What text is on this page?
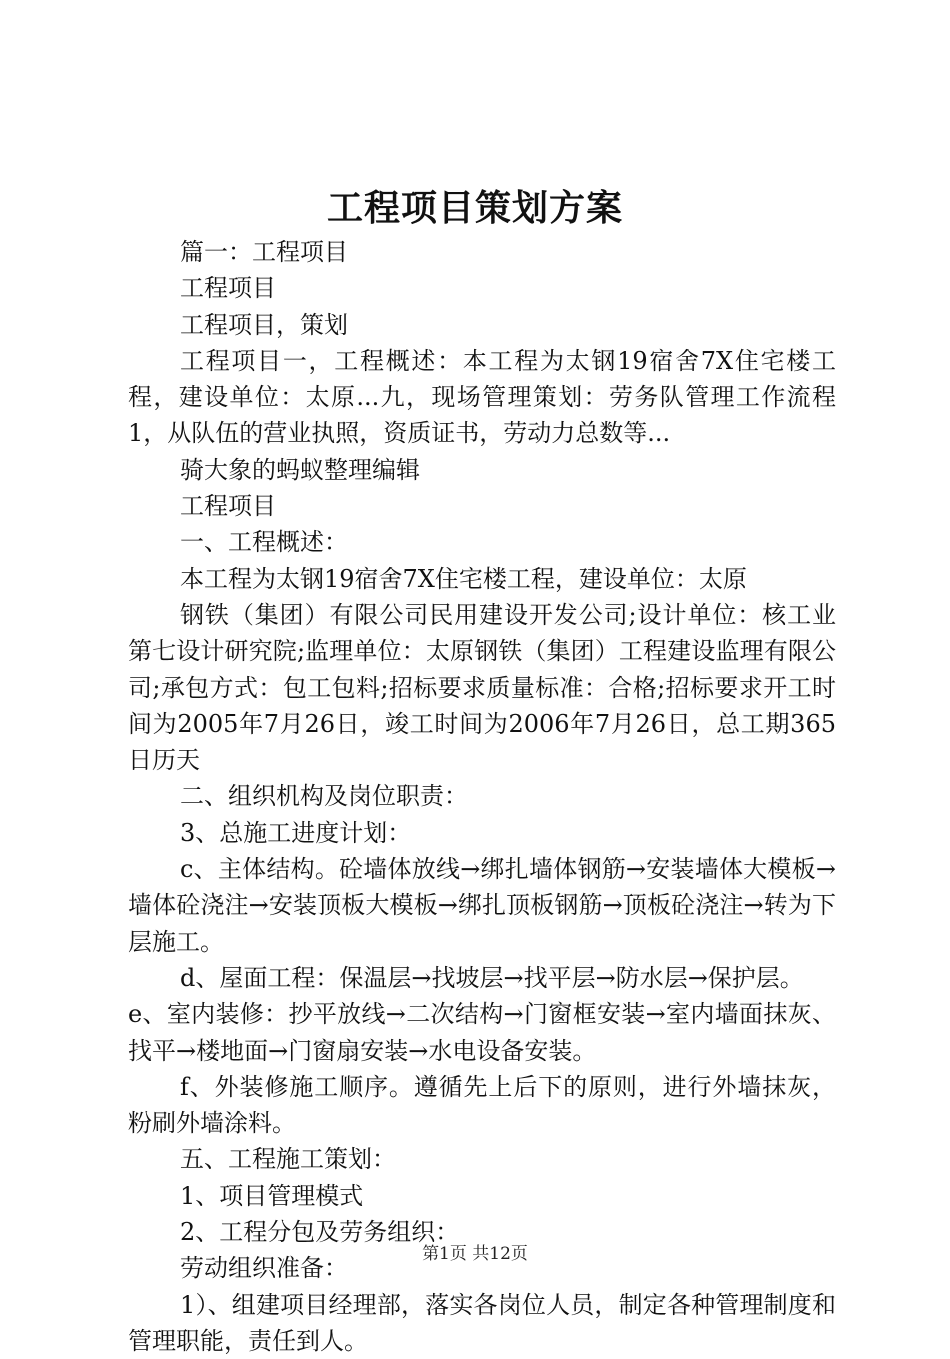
工程项目策划方案

篇一：工程项目

工程项目

工程项目，策划

工程项目一，工程概述：本工程为太钢19宿舍7X住宅楼工程，建设单位：太原...九，现场管理策划：劳务队管理工作流程1，从队伍的营业执照，资质证书，劳动力总数等...

骑大象的蚂蚁整理编辑

工程项目

一、工程概述：

本工程为太钢19宿舍7X住宅楼工程，建设单位：太原

钢铁（集团）有限公司民用建设开发公司;设计单位：核工业第七设计研究院;监理单位：太原钢铁（集团）工程建设监理有限公司;承包方式：包工包料;招标要求质量标准：合格;招标要求开工时间为2005年7月26日，竣工时间为2006年7月26日，总工期365日历天

二、组织机构及岗位职责：

3、总施工进度计划：

c、主体结构。砼墙体放线→绑扎墙体钢筋→安装墙体大模板→墙体砼浇注→安装顶板大模板→绑扎顶板钢筋→顶板砼浇注→转为下层施工。

d、屋面工程：保温层→找坡层→找平层→防水层→保护层。

e、室内装修：抄平放线→二次结构→门窗框安装→室内墙面抹灰、找平→楼地面→门窗扇安装→水电设备安装。

f、外装修施工顺序。遵循先上后下的原则，进行外墙抹灰，粉刷外墙涂料。

五、工程施工策划：

1、项目管理模式

2、工程分包及劳务组织：

劳动组织准备：

1）、组建项目经理部，落实各岗位人员，制定各种管理制度和管理职能，责任到人。

第1页 共12页
